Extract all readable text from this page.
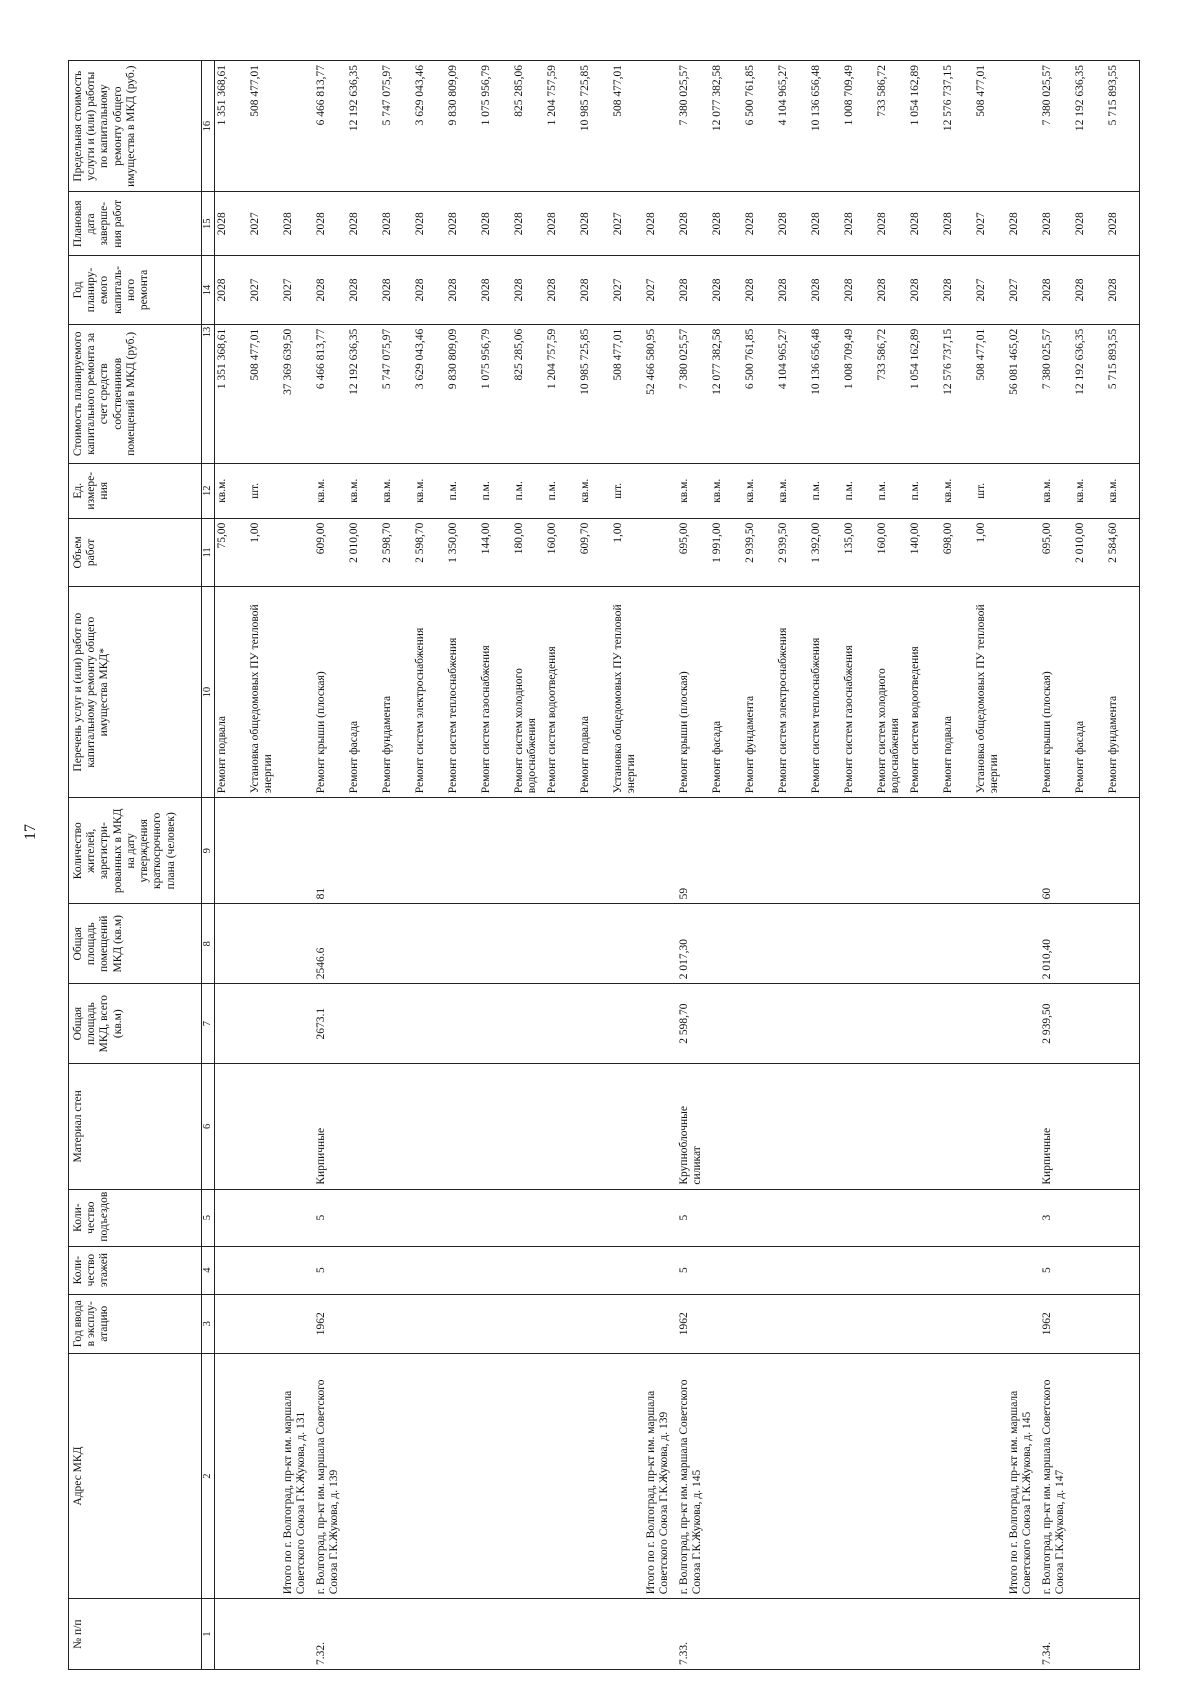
17
№ п/п	Адрес МКД	Год ввода в эксплу-атацию	Коли-чество этажей	Коли-чество подъездов	Материал стен	Общая площадь МКД, всего (кв.м)	Общая площадь помещений МКД (кв.м)	Количество жителей, зарегистри-рованных в МКД на дату утверждения краткосрочного плана (человек)	Перечень услуг и (или) работ по капитальному ремонту общего имущества МКД*	Объем работ	Ед. измере-ния	Стоимость планируемого капитального ремонта за счет средств собственников помещений в МКД (руб.)	Год планиру-емого капиталь-ного ремонта	Плановая дата заверше-ния работ	Предельная стоимость услуги и (или) работы по капитальному ремонту общего имущества в МКД (руб.)
1	2	3	4	5	6	7	8	9	10	11	12	13	14	15	16
									Ремонт подвала	75,00	кв.м.	1 351 368,61	2028	2028	1 351 368,61
									Установка общедомовых ПУ тепловой энергии	1,00	шт.	508 477,01	2027	2027	508 477,01
	Итого по г. Волгоград, пр-кт им. маршала Советского Союза Г.К.Жукова, д. 131											37 369 639,50	2027	2028	
7.32.	г. Волгоград, пр-кт им. маршала Советского Союза Г.К.Жукова, д. 139	1962	5	5	Кирпичные	2673.1	2546.6	81	Ремонт крыши (плоская)	609,00	кв.м.	6 466 813,77	2028	2028	6 466 813,77
									Ремонт фасада	2 010,00	кв.м.	12 192 636,35	2028	2028	12 192 636,35
									Ремонт фундамента	2 598,70	кв.м.	5 747 075,97	2028	2028	5 747 075,97
									Ремонт систем электроснабжения	2 598,70	кв.м.	3 629 043,46	2028	2028	3 629 043,46
									Ремонт систем теплоснабжения	1 350,00	п.м.	9 830 809,09	2028	2028	9 830 809,09
									Ремонт систем газоснабжения	144,00	п.м.	1 075 956,79	2028	2028	1 075 956,79
									Ремонт систем холодного водоснабжения	180,00	п.м.	825 285,06	2028	2028	825 285,06
									Ремонт систем водоотведения	160,00	п.м.	1 204 757,59	2028	2028	1 204 757,59
									Ремонт подвала	609,70	кв.м.	10 985 725,85	2028	2028	10 985 725,85
									Установка общедомовых ПУ тепловой энергии	1,00	шт.	508 477,01	2027	2027	508 477,01
	Итого по г. Волгоград, пр-кт им. маршала Советского Союза Г.К.Жукова, д. 139											52 466 580,95	2027	2028	
7.33.	г. Волгоград, пр-кт им. маршала Советского Союза Г.К.Жукова, д. 145	1962	5	5	Крупноблочные силикат	2 598,70	2 017,30	59	Ремонт крыши (плоская)	695,00	кв.м.	7 380 025,57	2028	2028	7 380 025,57
									Ремонт фасада	1 991,00	кв.м.	12 077 382,58	2028	2028	12 077 382,58
									Ремонт фундамента	2 939,50	кв.м.	6 500 761,85	2028	2028	6 500 761,85
									Ремонт систем электроснабжения	2 939,50	кв.м.	4 104 965,27	2028	2028	4 104 965,27
									Ремонт систем теплоснабжения	1 392,00	п.м.	10 136 656,48	2028	2028	10 136 656,48
									Ремонт систем газоснабжения	135,00	п.м.	1 008 709,49	2028	2028	1 008 709,49
									Ремонт систем холодного водоснабжения	160,00	п.м.	733 586,72	2028	2028	733 586,72
									Ремонт систем водоотведения	140,00	п.м.	1 054 162,89	2028	2028	1 054 162,89
									Ремонт подвала	698,00	кв.м.	12 576 737,15	2028	2028	12 576 737,15
									Установка общедомовых ПУ тепловой энергии	1,00	шт.	508 477,01	2027	2027	508 477,01
	Итого по г. Волгоград, пр-кт им. маршала Советского Союза Г.К.Жукова, д. 145											56 081 465,02	2027	2028	
7.34.	г. Волгоград, пр-кт им. маршала Советского Союза Г.К.Жукова, д. 147	1962	5	3	Кирпичные	2 939,50	2 010,40	60	Ремонт крыши (плоская)	695,00	кв.м.	7 380 025,57	2028	2028	7 380 025,57
									Ремонт фасада	2 010,00	кв.м.	12 192 636,35	2028	2028	12 192 636,35
									Ремонт фундамента	2 584,60	кв.м.	5 715 893,55	2028	2028	5 715 893,55
